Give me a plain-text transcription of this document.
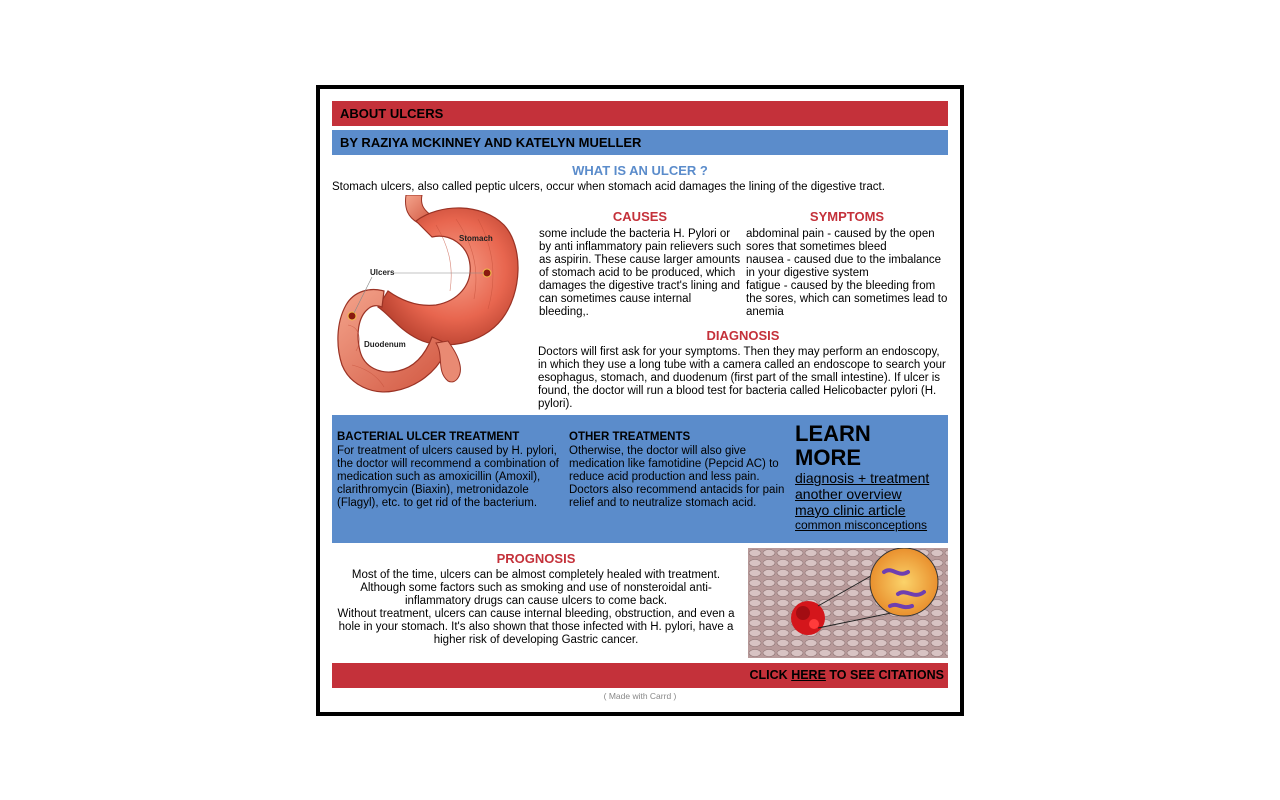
ABOUT ULCERS
BY RAZIYA MCKINNEY AND KATELYN MUELLER
WHAT IS AN ULCER ?
Stomach ulcers, also called peptic ulcers, occur when stomach acid damages the lining of the digestive tract.
Stomach
Ulcers
Duodenum
CAUSES
some include the bacteria H. Pylori or by anti inflammatory pain relievers such as aspirin. These cause larger amounts of stomach acid to be produced, which damages the digestive tract's lining and can sometimes cause internal bleeding,.
SYMPTOMS
abdominal pain - caused by the open sores that sometimes bleed
nausea - caused due to the imbalance in your digestive system
fatigue - caused by the bleeding from the sores, which can sometimes lead to anemia
DIAGNOSIS
Doctors will first ask for your symptoms. Then they may perform an endoscopy, in which they use a long tube with a camera called an endoscope to search your esophagus, stomach, and duodenum (first part of the small intestine). If ulcer is found, the doctor will run a blood test for bacteria called Helicobacter pylori (H. pylori).
BACTERIAL ULCER TREATMENT
For treatment of ulcers caused by H. pylori, the doctor will recommend a combination of medication such as amoxicillin (Amoxil), clarithromycin (Biaxin), metronidazole (Flagyl), etc. to get rid of the bacterium.
OTHER TREATMENTS
Otherwise, the doctor will also give medication like famotidine (Pepcid AC) to reduce acid production and less pain. Doctors also recommend antacids for pain relief and to neutralize stomach acid.
LEARN
MORE
diagnosis + treatment
another overview
mayo clinic article
common misconceptions
PROGNOSIS
Most of the time, ulcers can be almost completely healed with treatment. Although some factors such as smoking and use of nonsteroidal anti-inflammatory drugs can cause ulcers to come back.
Without treatment, ulcers can cause internal bleeding, obstruction, and even a hole in your stomach. It's also shown that those infected with H. pylori, have a higher risk of developing Gastric cancer.
CLICK HERE TO SEE CITATIONS
( Made with Carrd )
